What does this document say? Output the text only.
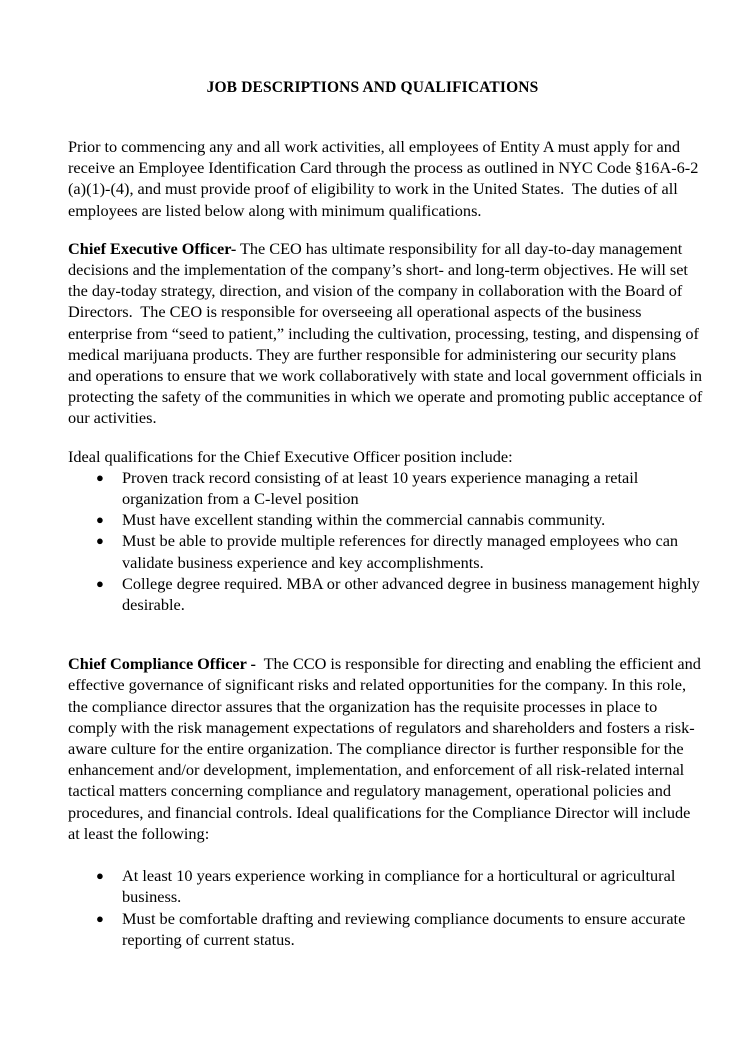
JOB DESCRIPTIONS AND QUALIFICATIONS

Prior to commencing any and all work activities, all employees of Entity A must apply for and receive an Employee Identification Card through the process as outlined in NYC Code §16A-6-2 (a)(1)-(4), and must provide proof of eligibility to work in the United States.  The duties of all employees are listed below along with minimum qualifications.

Chief Executive Officer- The CEO has ultimate responsibility for all day-to-day management decisions and the implementation of the company’s short- and long-term objectives. He will set the day-today strategy, direction, and vision of the company in collaboration with the Board of Directors.  The CEO is responsible for overseeing all operational aspects of the business enterprise from “seed to patient,” including the cultivation, processing, testing, and dispensing of medical marijuana products. They are further responsible for administering our security plans and operations to ensure that we work collaboratively with state and local government officials in protecting the safety of the communities in which we operate and promoting public acceptance of our activities.

Ideal qualifications for the Chief Executive Officer position include:

● Proven track record consisting of at least 10 years experience managing a retail organization from a C-level position
● Must have excellent standing within the commercial cannabis community.
● Must be able to provide multiple references for directly managed employees who can validate business experience and key accomplishments.
● College degree required. MBA or other advanced degree in business management highly desirable.

Chief Compliance Officer -  The CCO is responsible for directing and enabling the efficient and effective governance of significant risks and related opportunities for the company. In this role, the compliance director assures that the organization has the requisite processes in place to comply with the risk management expectations of regulators and shareholders and fosters a risk-aware culture for the entire organization. The compliance director is further responsible for the enhancement and/or development, implementation, and enforcement of all risk-related internal tactical matters concerning compliance and regulatory management, operational policies and procedures, and financial controls. Ideal qualifications for the Compliance Director will include at least the following:

● At least 10 years experience working in compliance for a horticultural or agricultural business.
● Must be comfortable drafting and reviewing compliance documents to ensure accurate reporting of current status.
